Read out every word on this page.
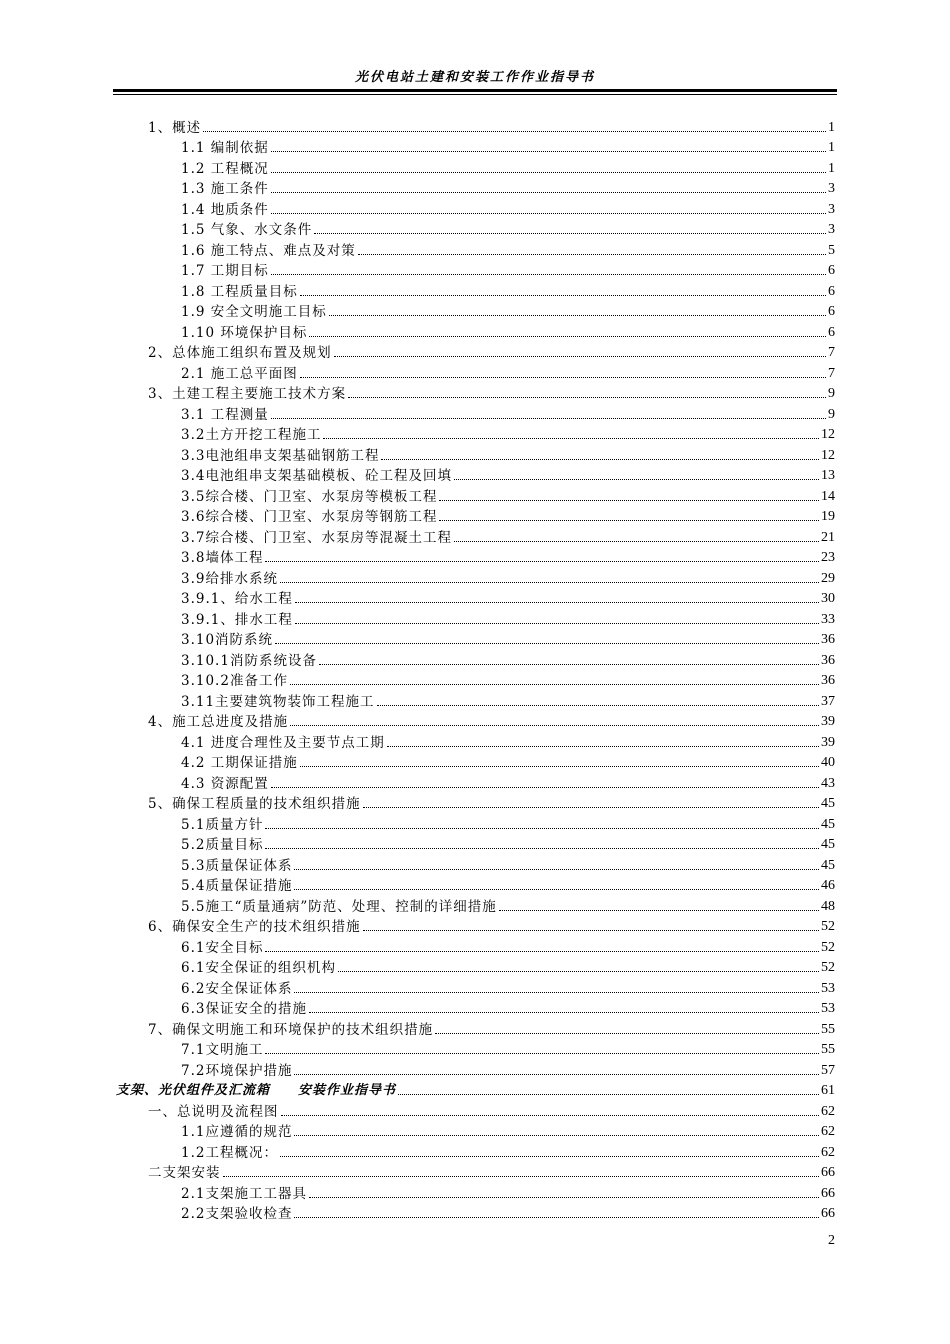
光伏电站土建和安装工作作业指导书
1、概述	1
1.1 编制依据	1
1.2 工程概况	1
1.3 施工条件	3
1.4 地质条件	3
1.5 气象、水文条件	3
1.6 施工特点、难点及对策	5
1.7 工期目标	6
1.8 工程质量目标	6
1.9 安全文明施工目标	6
1.10 环境保护目标	6
2、总体施工组织布置及规划	7
2.1 施工总平面图	7
3、土建工程主要施工技术方案	9
3.1 工程测量	9
3.2土方开挖工程施工	12
3.3电池组串支架基础钢筋工程	12
3.4电池组串支架基础模板、砼工程及回填	13
3.5综合楼、门卫室、水泵房等模板工程	14
3.6综合楼、门卫室、水泵房等钢筋工程	19
3.7综合楼、门卫室、水泵房等混凝土工程	21
3.8墙体工程	23
3.9给排水系统	29
3.9.1、给水工程	30
3.9.1、排水工程	33
3.10消防系统	36
3.10.1消防系统设备	36
3.10.2准备工作	36
3.11主要建筑物装饰工程施工	37
4、施工总进度及措施	39
4.1 进度合理性及主要节点工期	39
4.2 工期保证措施	40
4.3 资源配置	43
5、确保工程质量的技术组织措施	45
5.1质量方针	45
5.2质量目标	45
5.3质量保证体系	45
5.4质量保证措施	46
5.5施工“质量通病”防范、处理、控制的详细措施	48
6、确保安全生产的技术组织措施	52
6.1安全目标	52
6.1安全保证的组织机构	52
6.2安全保证体系	53
6.3保证安全的措施	53
7、确保文明施工和环境保护的技术组织措施	55
7.1文明施工	55
7.2环境保护措施	57
支架、光伏组件及汇流箱　　安装作业指导书	61
一、总说明及流程图	62
1.1应遵循的规范	62
1.2工程概况：	62
二支架安装	66
2.1支架施工工器具	66
2.2支架验收检查	66
2
